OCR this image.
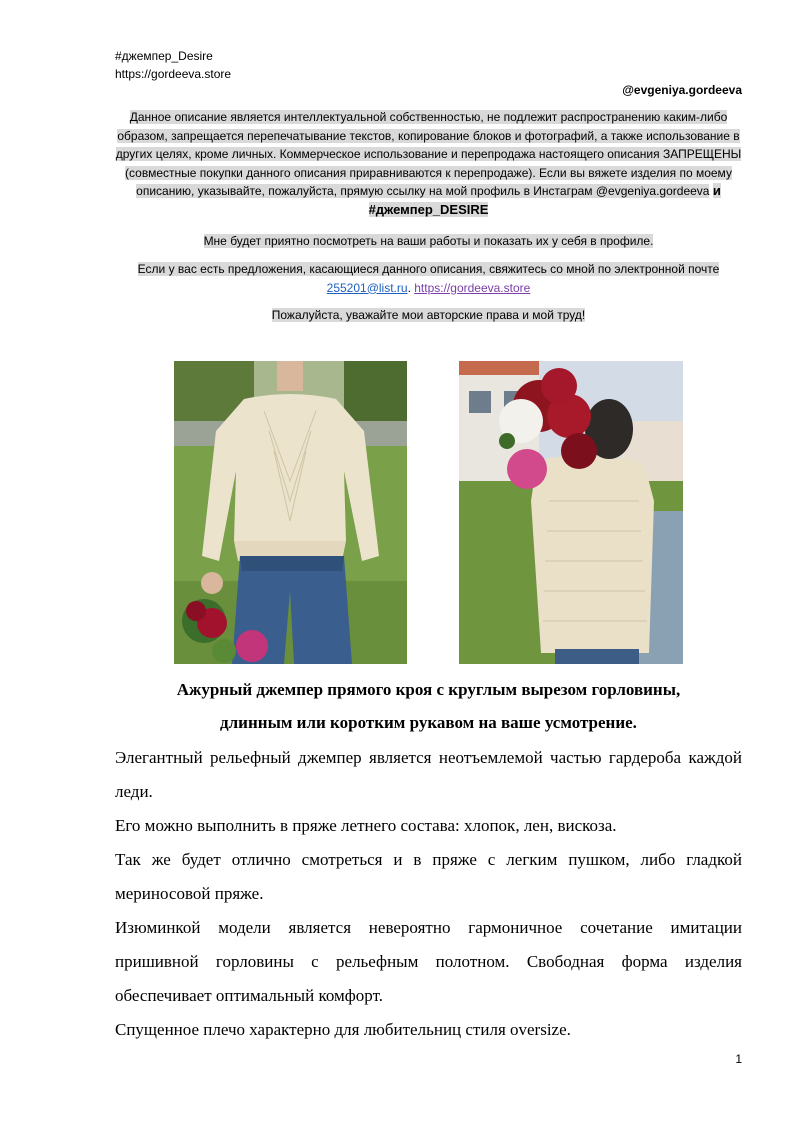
#джемпер_Desire
https://gordeeva.store
@evgeniya.gordeeva
Данное описание является интеллектуальной собственностью, не подлежит распространению каким-либо образом, запрещается перепечатывание текстов, копирование блоков и фотографий, а также использование в других целях, кроме личных. Коммерческое использование и перепродажа настоящего описания ЗАПРЕЩЕНЫ (совместные покупки данного описания приравниваются к перепродаже). Если вы вяжете изделия по моему описанию, указывайте, пожалуйста, прямую ссылку на мой профиль в Инстаграм @evgeniya.gordeeva и #джемпер_DESIRE
Мне будет приятно посмотреть на ваши работы и показать их у себя в профиле.
Если у вас есть предложения, касающиеся данного описания, свяжитесь со мной по электронной почте 255201@list.ru. https://gordeeva.store
Пожалуйста, уважайте мои авторские права и мой труд!
Ажурный джемпер прямого кроя с круглым вырезом горловины,
длинным или коротким рукавом на ваше усмотрение.

Элегантный рельефный джемпер является неотъемлемой частью гардероба каждой леди.

Его можно выполнить в пряже летнего состава: хлопок, лен, вискоза.

Так же будет отлично смотреться и в пряже с легким пушком, либо гладкой мериносовой пряже.

Изюминкой модели является невероятно гармоничное сочетание имитации пришивной горловины с рельефным полотном. Свободная форма изделия обеспечивает оптимальный комфорт.

Спущенное плечо характерно для любительниц стиля oversize.

1
